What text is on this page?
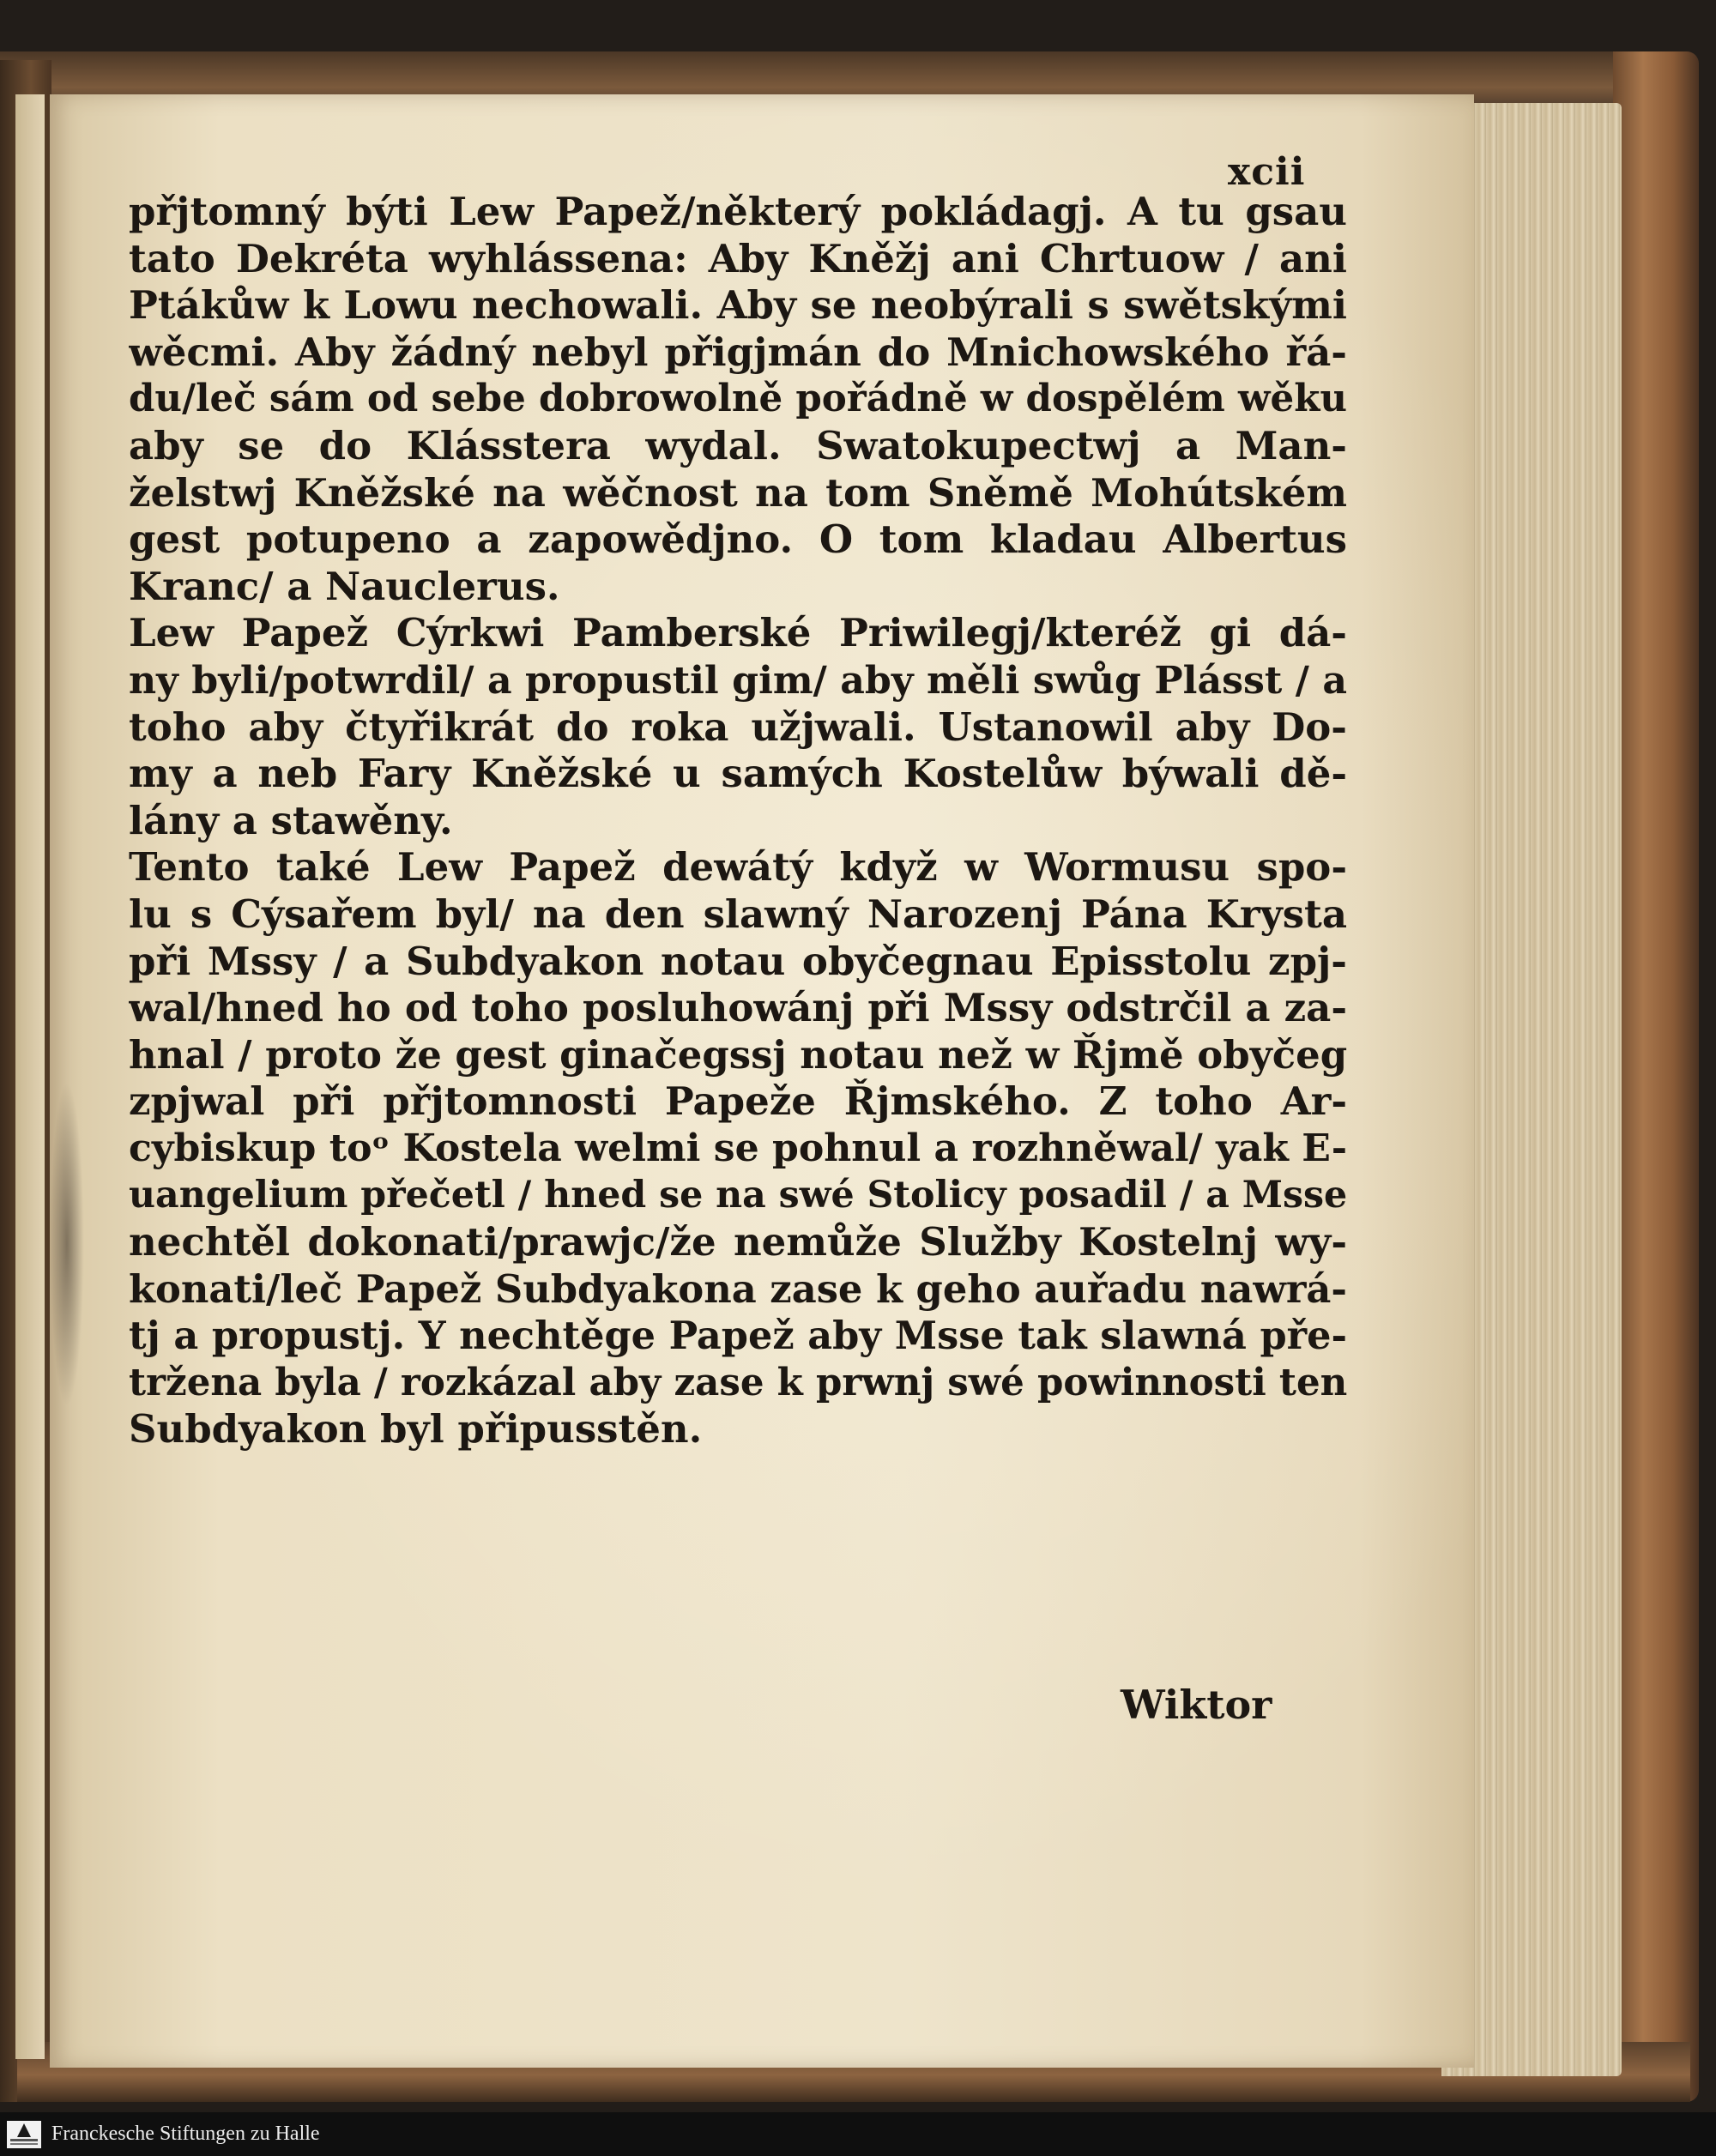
xcii
přjtomný býti Lew Papež/některý pokládagj. A tu gsau
tato Dekréta wyhlássena: Aby Kněžj ani Chrtuow / ani
Ptákůw k Lowu nechowali. Aby se neobýrali s swětskými
wěcmi. Aby žádný nebyl přigjmán do Mnichowského řá-
du/leč sám od sebe dobrowolně pořádně w dospělém wěku
aby se do Klásstera wydal. Swatokupectwj a Man-
želstwj Kněžské na wěčnost na tom Sněmě Mohútském
gest potupeno a zapowědjno. O tom kladau Albertus
Kranc/ a Nauclerus.
Lew Papež Cýrkwi Pamberské Priwilegj/kteréž gi dá-
ny byli/potwrdil/ a propustil gim/ aby měli swůg Plásst / a
toho aby čtyřikrát do roka užjwali. Ustanowil aby Do-
my a neb Fary Kněžské u samých Kostelůw býwali dě-
lány a stawěny.
Tento také Lew Papež dewátý když w Wormusu spo-
lu s Cýsařem byl/ na den slawný Narozenj Pána Krysta
při Mssy / a Subdyakon notau obyčegnau Episstolu zpj-
wal/hned ho od toho posluhowánj při Mssy odstrčil a za-
hnal / proto že gest ginačegssj notau než w Řjmě obyčeg
zpjwal při přjtomnosti Papeže Řjmského. Z toho Ar-
cybiskup toᵒ Kostela welmi se pohnul a rozhněwal/ yak E-
uangelium přečetl / hned se na swé Stolicy posadil / a Msse
nechtěl dokonati/prawjc/že nemůže Služby Kostelnj wy-
konati/leč Papež Subdyakona zase k geho auřadu nawrá-
tj a propustj. Y nechtěge Papež aby Msse tak slawná pře-
tržena byla / rozkázal aby zase k prwnj swé powinnosti ten
Subdyakon byl připusstěn.
Wiktor
Franckesche Stiftungen zu Halle
